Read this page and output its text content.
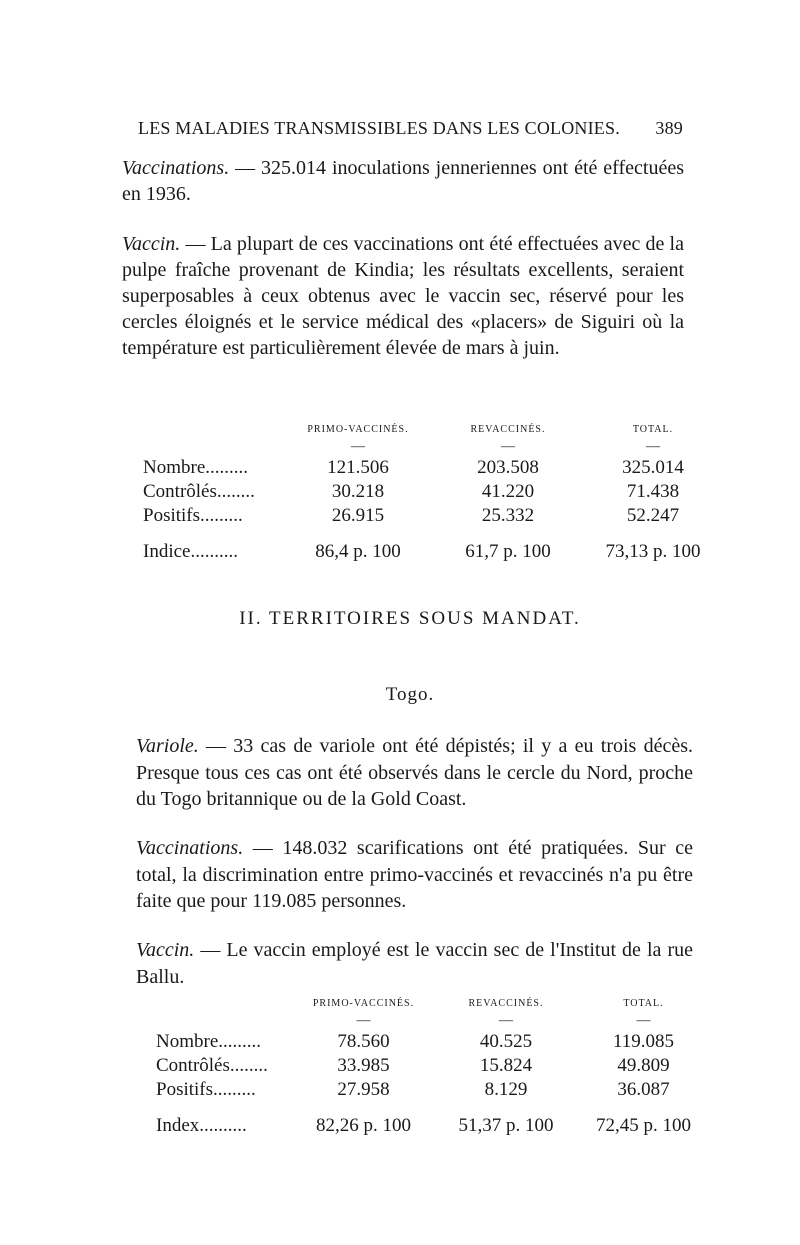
LES MALADIES TRANSMISSIBLES DANS LES COLONIES. 389
Vaccinations. — 325.014 inoculations jenneriennes ont été effectuées en 1936.
Vaccin. — La plupart de ces vaccinations ont été effectuées avec de la pulpe fraîche provenant de Kindia; les résultats excellents, seraient superposables à ceux obtenus avec le vaccin sec, réservé pour les cercles éloignés et le service médical des «placers» de Siguiri où la température est particulièrement élevée de mars à juin.
	PRIMO-VACCINÉS.	REVACCINÉS.	TOTAL.
	—	—	—
Nombre.........	121.506	203.508	325.014
Contrôlés........	30.218	41.220	71.438
Positifs.........	26.915	25.332	52.247

Indice..........	86,4 p. 100	61,7 p. 100	73,13 p. 100
II. TERRITOIRES SOUS MANDAT.
Togo.
Variole. — 33 cas de variole ont été dépistés; il y a eu trois décès. Presque tous ces cas ont été observés dans le cercle du Nord, proche du Togo britannique ou de la Gold Coast.
Vaccinations. — 148.032 scarifications ont été pratiquées. Sur ce total, la discrimination entre primo-vaccinés et revaccinés n'a pu être faite que pour 119.085 personnes.
Vaccin. — Le vaccin employé est le vaccin sec de l'Institut de la rue Ballu.
	PRIMO-VACCINÉS.	REVACCINÉS.	TOTAL.
	—	—	—
Nombre.........	78.560	40.525	119.085
Contrôlés........	33.985	15.824	49.809
Positifs.........	27.958	8.129	36.087

Index..........	82,26 p. 100	51,37 p. 100	72,45 p. 100
